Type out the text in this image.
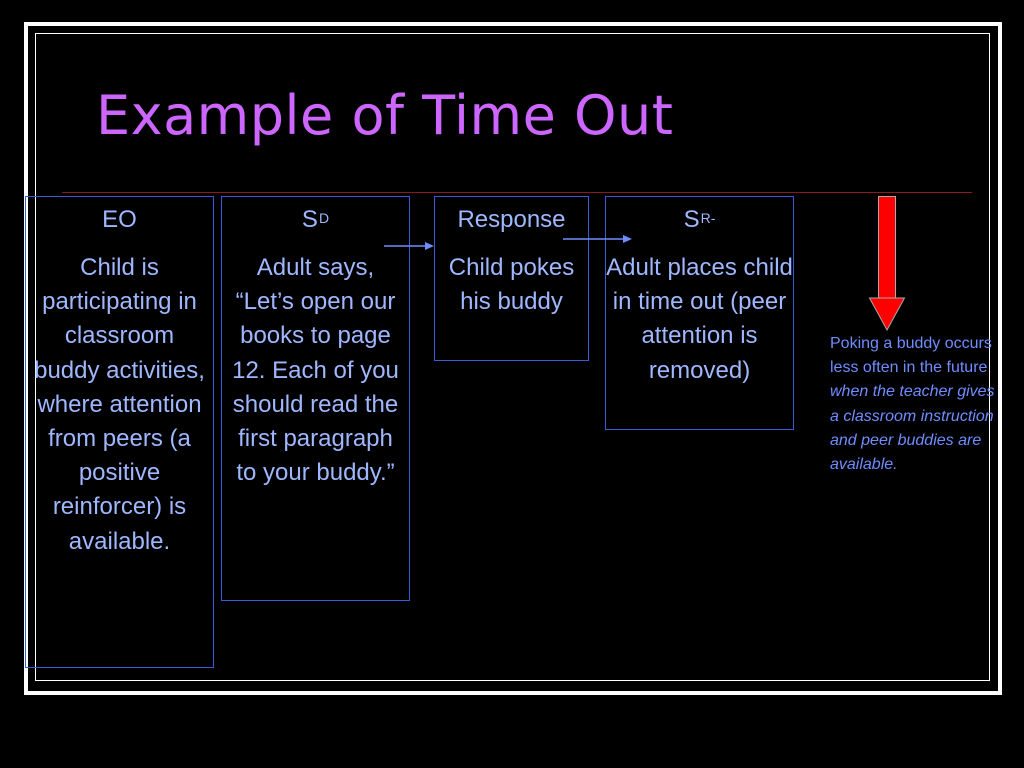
Example of Time Out
EO
Child is participating in classroom buddy activities, where attention from peers (a positive reinforcer) is available.
$S^D$
Adult says, “Let’s open our books to page 12. Each of you should read the first paragraph to your buddy.”
Response
Child pokes his buddy
$S^{R-}$
Adult places child in time out (peer attention is removed)
Poking a buddy occurs less often in the future when the teacher gives a classroom instruction and peer buddies are available.
